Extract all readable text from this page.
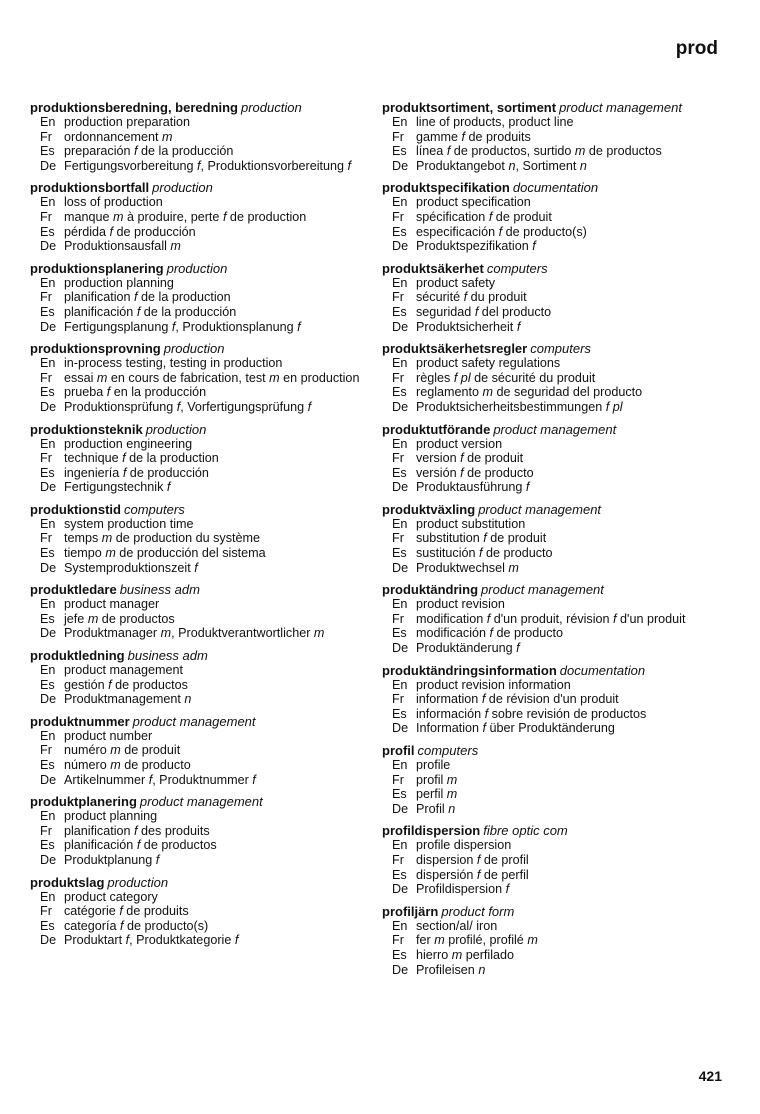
prod
produktionsberedning, beredning production
En production preparation
Fr ordonnancement m
Es preparación f de la producción
De Fertigungsvorbereitung f, Produktionsvorbereitung f
produktionsbortfall production
En loss of production
Fr manque m à produire, perte f de production
Es pérdida f de producción
De Produktionsausfall m
produktionsplanering production
En production planning
Fr planification f de la production
Es planificación f de la producción
De Fertigungsplanung f, Produktionsplanung f
produktionsprovning production
En in-process testing, testing in production
Fr essai m en cours de fabrication, test m en production
Es prueba f en la producción
De Produktionsprüfung f, Vorfertigungsprüfung f
produktionsteknik production
En production engineering
Fr technique f de la production
Es ingeniería f de producción
De Fertigungstechnik f
produktionstid computers
En system production time
Fr temps m de production du système
Es tiempo m de producción del sistema
De Systemproduktionszeit f
produktledare business adm
En product manager
Es jefe m de productos
De Produktmanager m, Produktverantwortlicher m
produktledning business adm
En product management
Es gestión f de productos
De Produktmanagement n
produktnummer product management
En product number
Fr numéro m de produit
Es número m de producto
De Artikelnummer f, Produktnummer f
produktplanering product management
En product planning
Fr planification f des produits
Es planificación f de productos
De Produktplanung f
produktslag production
En product category
Fr catégorie f de produits
Es categoría f de producto(s)
De Produktart f, Produktkategorie f
produktsortiment, sortiment product management
En line of products, product line
Fr gamme f de produits
Es línea f de productos, surtido m de productos
De Produktangebot n, Sortiment n
produktspecifikation documentation
En product specification
Fr spécification f de produit
Es especificación f de producto(s)
De Produktspezifikation f
produktsäkerhet computers
En product safety
Fr sécurité f du produit
Es seguridad f del producto
De Produktsicherheit f
produktsäkerhetsregler computers
En product safety regulations
Fr règles f pl de sécurité du produit
Es reglamento m de seguridad del producto
De Produktsicherheitsbestimmungen f pl
produktutförande product management
En product version
Fr version f de produit
Es versión f de producto
De Produktausführung f
produktväxling product management
En product substitution
Fr substitution f de produit
Es sustitución f de producto
De Produktwechsel m
produktändring product management
En product revision
Fr modification f d'un produit, révision f d'un produit
Es modificación f de producto
De Produktänderung f
produktändringsinformation documentation
En product revision information
Fr information f de révision d'un produit
Es información f sobre revisión de productos
De Information f über Produktänderung
profil computers
En profile
Fr profil m
Es perfil m
De Profil n
profildispersion fibre optic com
En profile dispersion
Fr dispersion f de profil
Es dispersión f de perfil
De Profildispersion f
profiljärn product form
En section/al/ iron
Fr fer m profilé, profilé m
Es hierro m perfilado
De Profileisen n
421
